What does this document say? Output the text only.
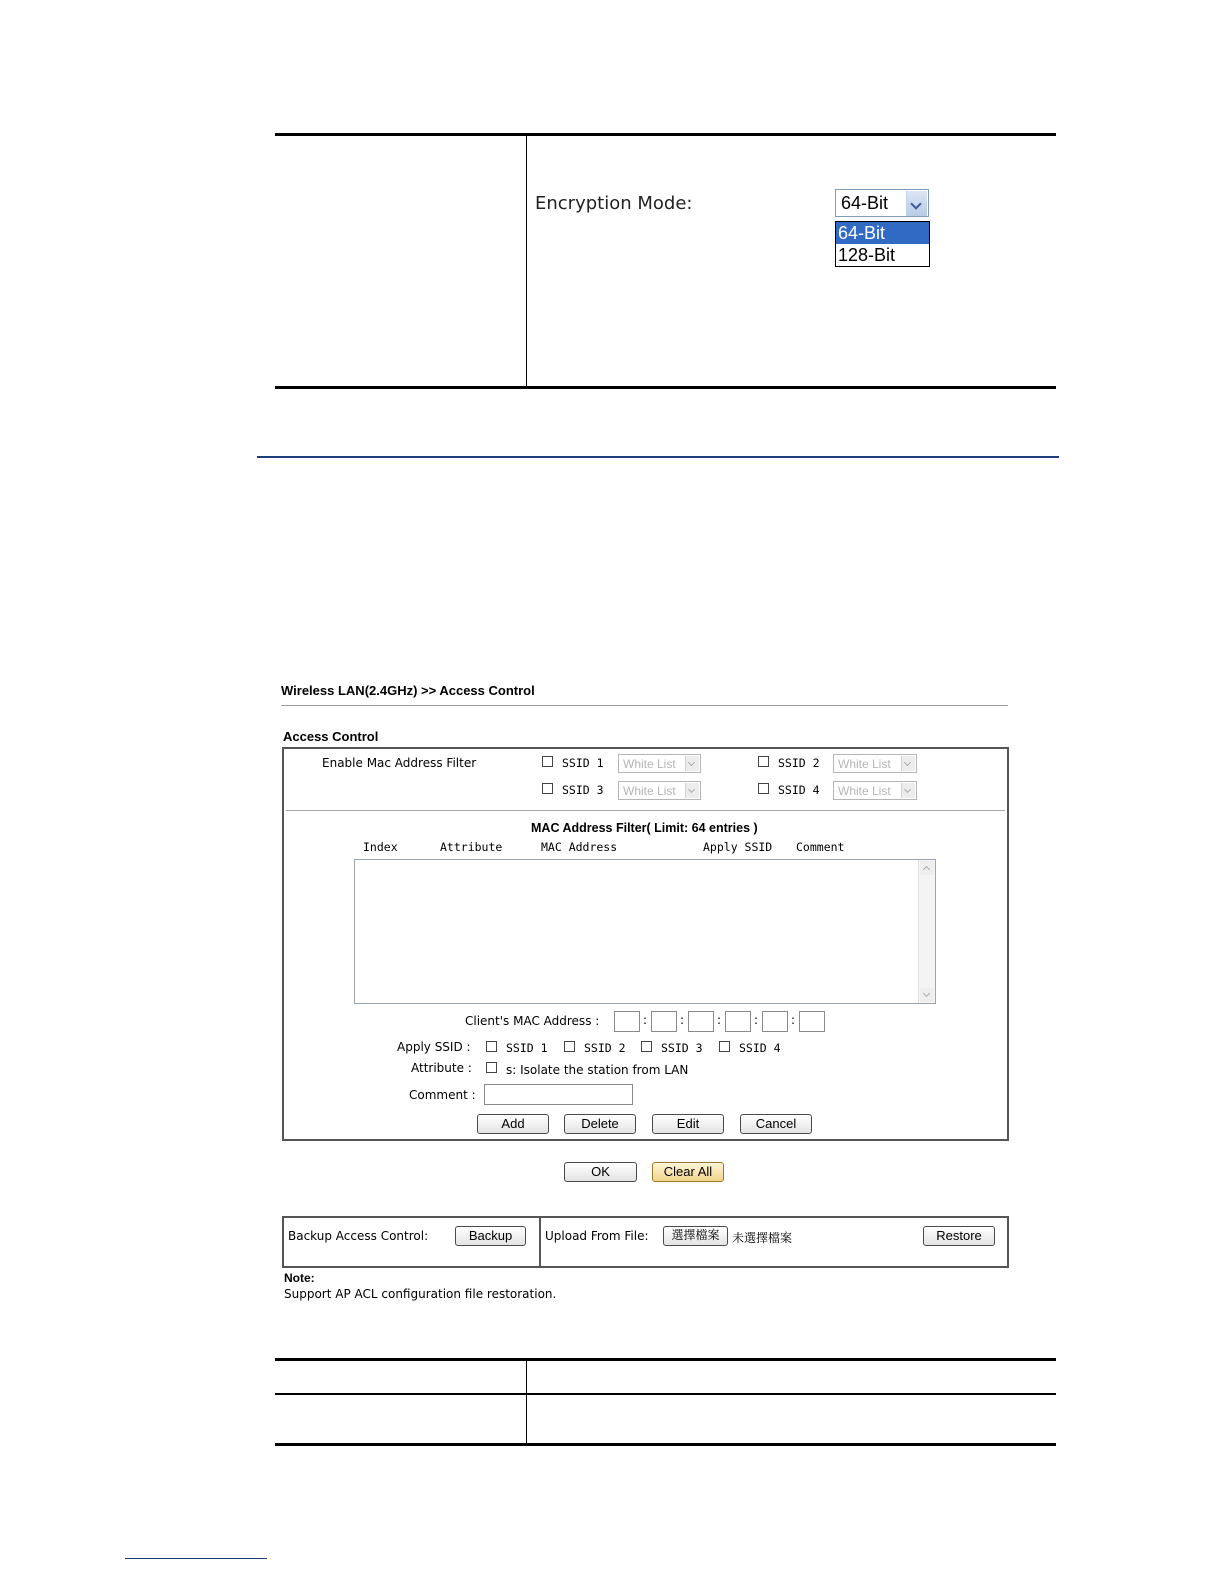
Encryption Mode:	64-Bit
64-Bit
128-Bit
Wireless LAN(2.4GHz) >> Access Control
Access Control
Enable Mac Address Filter	SSID 1 White List	SSID 2 White List
SSID 3 White List	SSID 4 White List
MAC Address Filter( Limit: 64 entries )
Index	Attribute	MAC Address	Apply SSID Comment
Client's MAC Address :	:	:	:	:	:
Apply SSID :	SSID 1	SSID 2	SSID 3	SSID 4
Attribute :	s: Isolate the station from LAN
Comment :
Add	Delete	Edit	Cancel
OK	Clear All
Backup Access Control:	Backup	Upload From File:	選擇檔案	未選擇檔案	Restore
Note:
Support AP ACL configuration file restoration.
